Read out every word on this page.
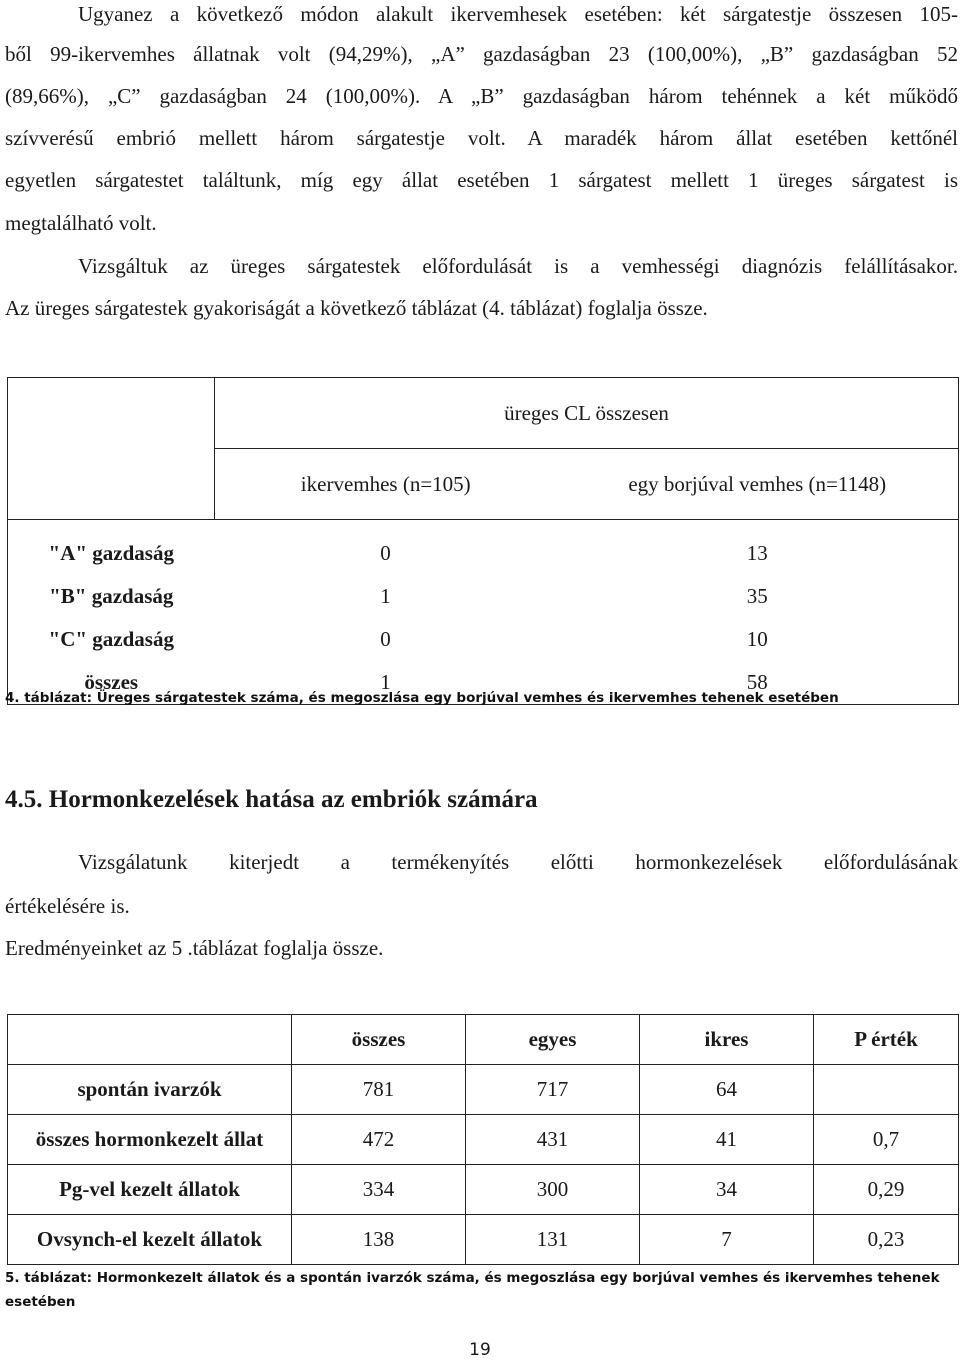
Ugyanez a következő módon alakult ikervemhesek esetében: két sárgatestje összesen 105-
ből 99-ikervemhes állatnak volt (94,29%), „A” gazdaságban 23 (100,00%), „B” gazdaságban 52
(89,66%), „C” gazdaságban 24 (100,00%). A „B” gazdaságban három tehénnek a két működő
szívverésű embrió mellett három sárgatestje volt. A maradék három állat esetében kettőnél
egyetlen sárgatestet találtunk, míg egy állat esetében 1 sárgatest mellett 1 üreges sárgatest is
megtalálható volt.
Vizsgáltuk az üreges sárgatestek előfordulását is a vemhességi diagnózis felállításakor.
Az üreges sárgatestek gyakoriságát a következő táblázat (4. táblázat) foglalja össze.
	üreges CL összesen	
	ikervemhes (n=105)	egy borjúval vemhes (n=1148)
"A" gazdaság	0	13
"B" gazdaság	1	35
"C" gazdaság	0	10
összes	1	58
4. táblázat: Üreges sárgatestek száma, és megoszlása egy borjúval vemhes és ikervemhes tehenek esetében
4.5. Hormonkezelések hatása az embriók számára
Vizsgálatunk kiterjedt a termékenyítés előtti hormonkezelések előfordulásának
értékelésére is.
Eredményeinket az 5 .táblázat foglalja össze.
	összes	egyes	ikres	P érték
spontán ivarzók	781	717	64	
összes hormonkezelt állat	472	431	41	0,7
Pg-vel kezelt állatok	334	300	34	0,29
Ovsynch-el kezelt állatok	138	131	7	0,23
5. táblázat: Hormonkezelt állatok és a spontán ivarzók száma, és megoszlása egy borjúval vemhes és ikervemhes tehenek
esetében
19
